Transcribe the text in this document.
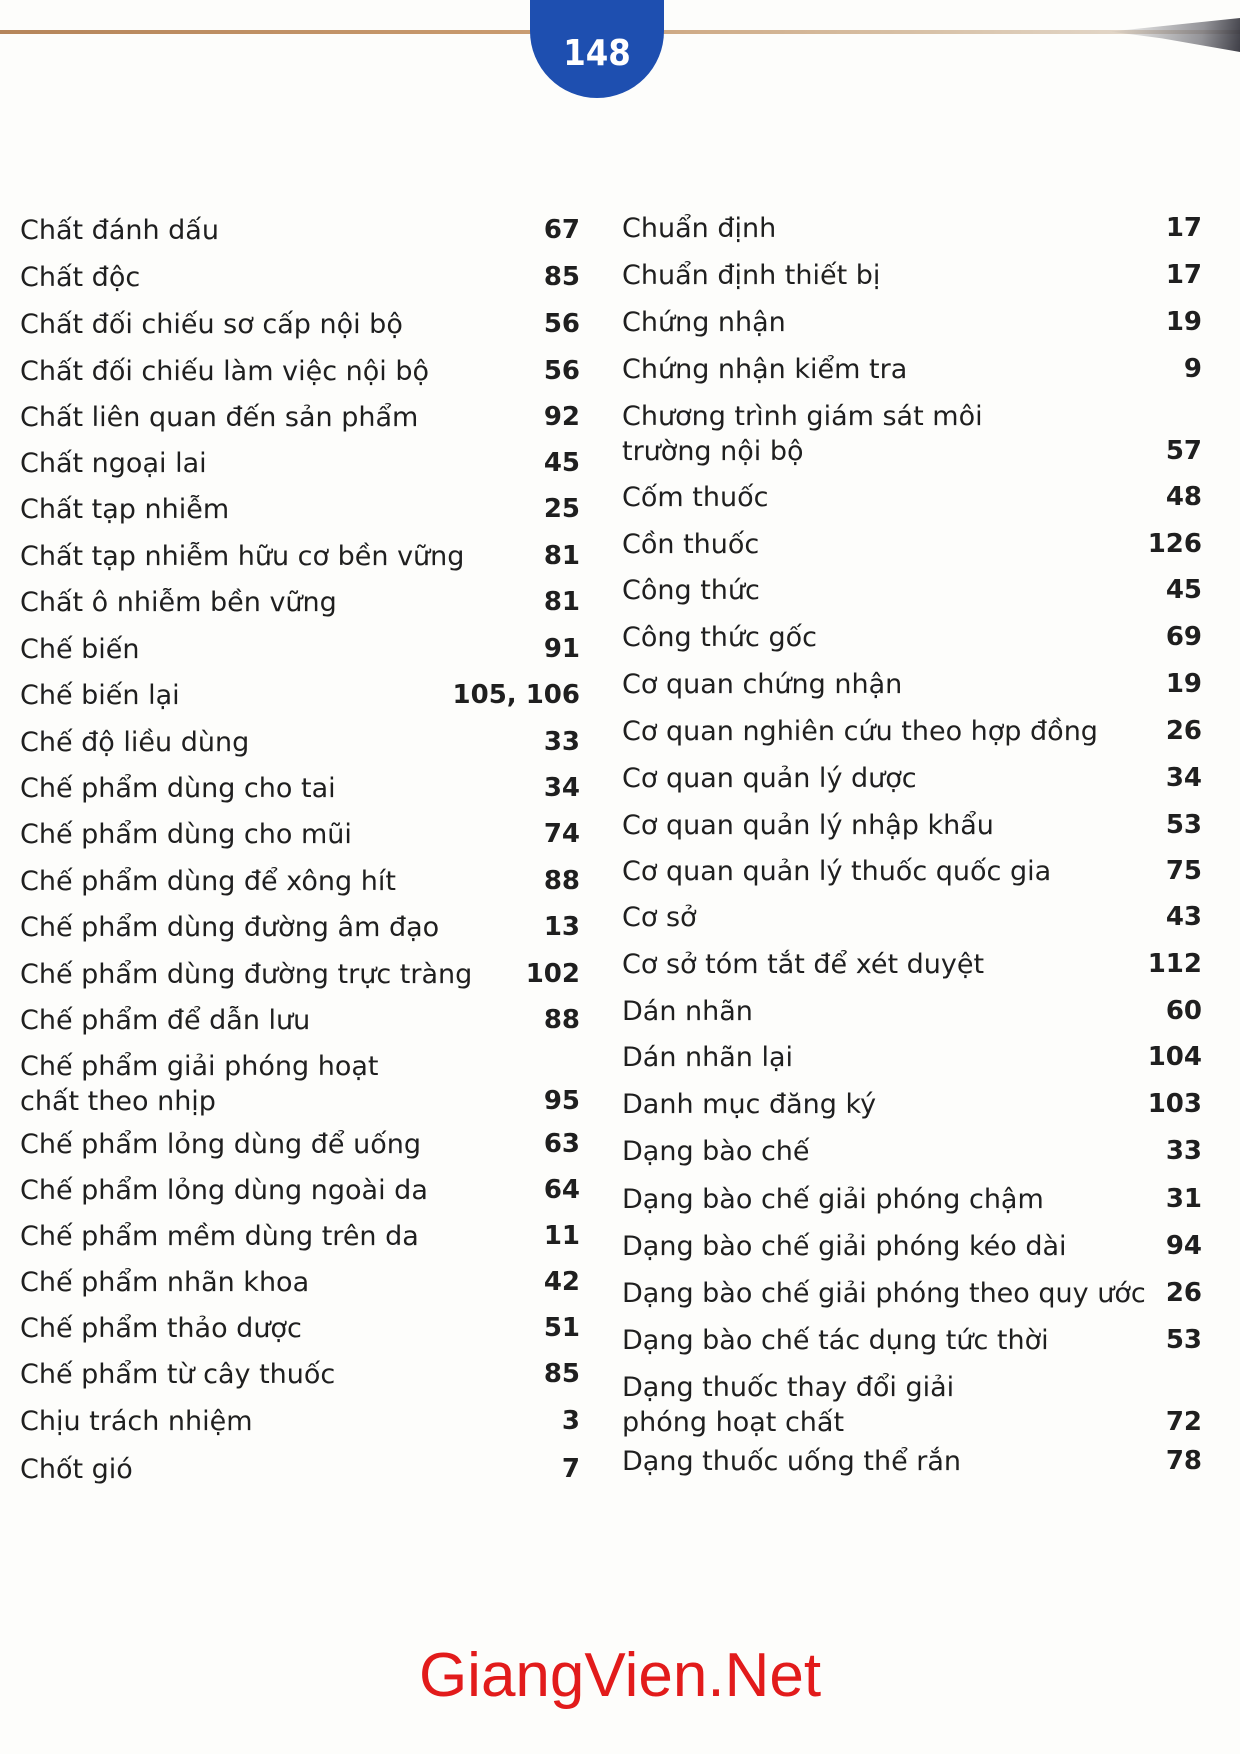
148
Chất đánh dấu	67
Chất độc	85
Chất đối chiếu sơ cấp nội bộ	56
Chất đối chiếu làm việc nội bộ	56
Chất liên quan đến sản phẩm	92
Chất ngoại lai	45
Chất tạp nhiễm	25
Chất tạp nhiễm hữu cơ bền vững	81
Chất ô nhiễm bền vững	81
Chế biến	91
Chế biến lại	105, 106
Chế độ liều dùng	33
Chế phẩm dùng cho tai	34
Chế phẩm dùng cho mũi	74
Chế phẩm dùng để xông hít	88
Chế phẩm dùng đường âm đạo	13
Chế phẩm dùng đường trực tràng	102
Chế phẩm để dẫn lưu	88
Chế phẩm giải phóng hoạt chất theo nhịp	95
Chế phẩm lỏng dùng để uống	63
Chế phẩm lỏng dùng ngoài da	64
Chế phẩm mềm dùng trên da	11
Chế phẩm nhãn khoa	42
Chế phẩm thảo dược	51
Chế phẩm từ cây thuốc	85
Chịu trách nhiệm	3
Chốt gió	7
Chuẩn định	17
Chuẩn định thiết bị	17
Chứng nhận	19
Chứng nhận kiểm tra	9
Chương trình giám sát môi trường nội bộ	57
Cốm thuốc	48
Cồn thuốc	126
Công thức	45
Công thức gốc	69
Cơ quan chứng nhận	19
Cơ quan nghiên cứu theo hợp đồng	26
Cơ quan quản lý dược	34
Cơ quan quản lý nhập khẩu	53
Cơ quan quản lý thuốc quốc gia	75
Cơ sở	43
Cơ sở tóm tắt để xét duyệt	112
Dán nhãn	60
Dán nhãn lại	104
Danh mục đăng ký	103
Dạng bào chế	33
Dạng bào chế giải phóng chậm	31
Dạng bào chế giải phóng kéo dài	94
Dạng bào chế giải phóng theo quy ước 26
Dạng bào chế tác dụng tức thời	53
Dạng thuốc thay đổi giải phóng hoạt chất	72
Dạng thuốc uống thể rắn	78
GiangVien.Net
